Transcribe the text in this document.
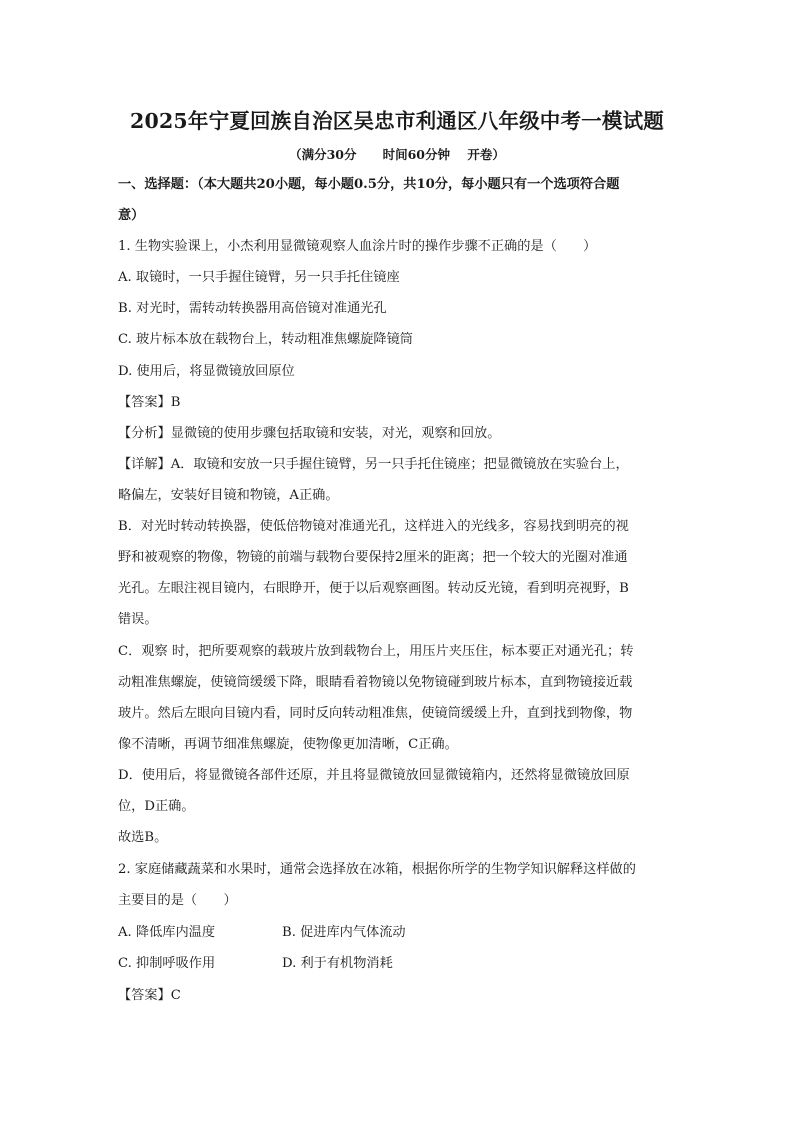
2025年宁夏回族自治区吴忠市利通区八年级中考一模试题
（满分30分      时间60分钟    开卷）
一、选择题：（本大题共20小题，每小题0.5分，共10分，每小题只有一个选项符合题
意）
1. 生物实验课上，小杰利用显微镜观察人血涂片时的操作步骤不正确的是（　　）
A. 取镜时，一只手握住镜臂，另一只手托住镜座
B. 对光时，需转动转换器用高倍镜对准通光孔
C. 玻片标本放在载物台上，转动粗准焦螺旋降镜筒
D. 使用后，将显微镜放回原位
【答案】B
【分析】显微镜的使用步骤包括取镜和安装，对光，观察和回放。
【详解】A．取镜和安放一只手握住镜臂，另一只手托住镜座；把显微镜放在实验台上，
略偏左，安装好目镜和物镜，A正确。
B．对光时转动转换器，使低倍物镜对准通光孔，这样进入的光线多，容易找到明亮的视
野和被观察的物像，物镜的前端与载物台要保持2厘米的距离；把一个较大的光圈对准通
光孔。左眼注视目镜内，右眼睁开，便于以后观察画图。转动反光镜，看到明亮视野，B
错误。
C．观察 时，把所要观察的载玻片放到载物台上，用压片夹压住，标本要正对通光孔；转
动粗准焦螺旋，使镜筒缓缓下降，眼睛看着物镜以免物镜碰到玻片标本，直到物镜接近载
玻片。然后左眼向目镜内看，同时反向转动粗准焦，使镜筒缓缓上升，直到找到物像，物
像不清晰，再调节细准焦螺旋，使物像更加清晰，C正确。
D．使用后，将显微镜各部件还原，并且将显微镜放回显微镜箱内，还然将显微镜放回原
位，D正确。
故选B。
2. 家庭储藏蔬菜和水果时，通常会选择放在冰箱，根据你所学的生物学知识解释这样做的
主要目的是（　　）
A. 降低库内温度	B. 促进库内气体流动
C. 抑制呼吸作用	D. 利于有机物消耗
【答案】C
